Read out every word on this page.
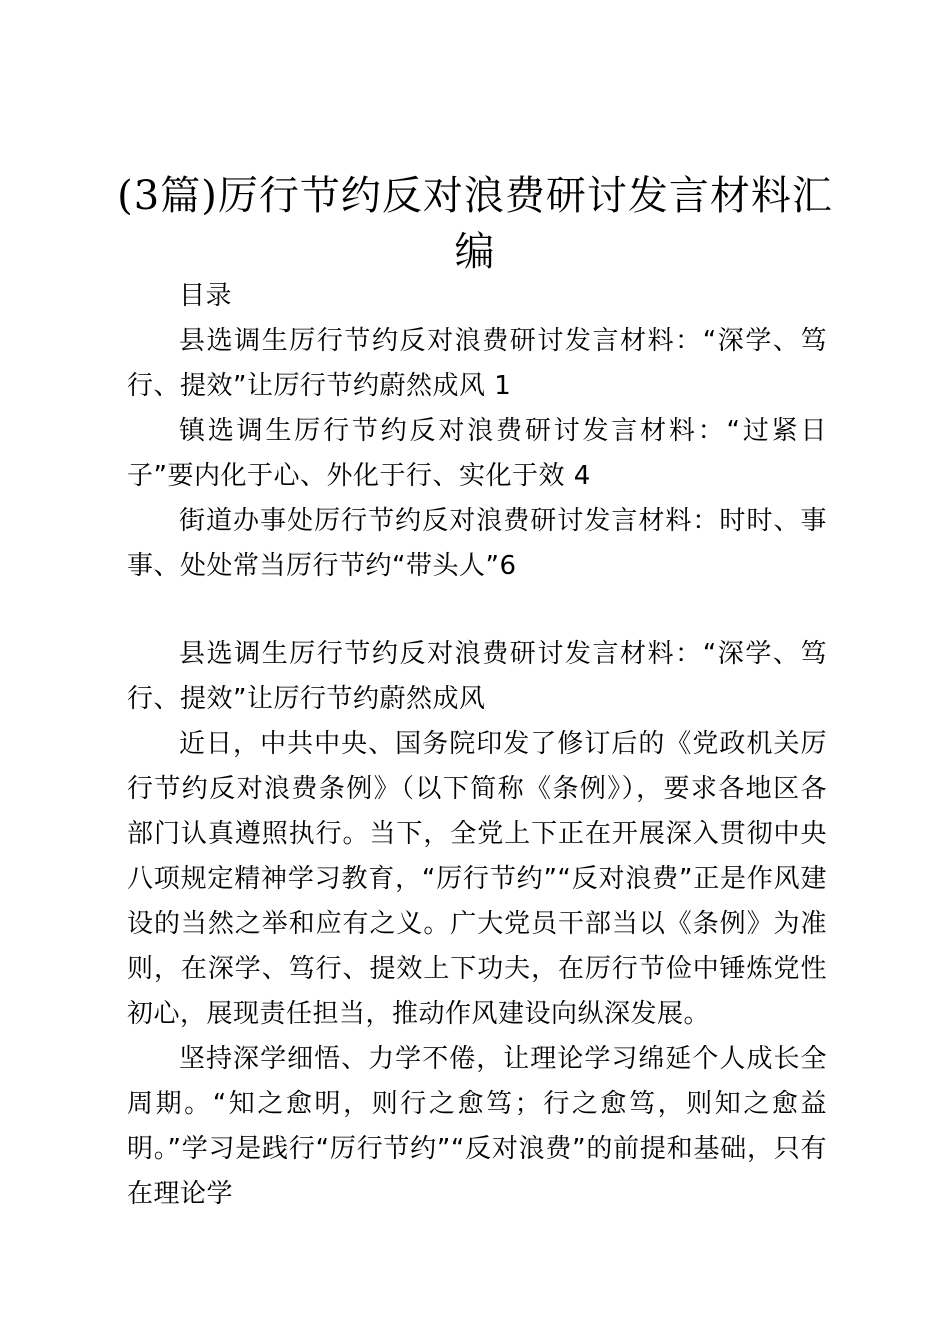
(3篇)厉行节约反对浪费研讨发言材料汇编

目录

县选调生厉行节约反对浪费研讨发言材料：“深学、笃行、提效”让厉行节约蔚然成风 1

镇选调生厉行节约反对浪费研讨发言材料：“过紧日子”要内化于心、外化于行、实化于效 4

街道办事处厉行节约反对浪费研讨发言材料：时时、事事、处处常当厉行节约“带头人”6

县选调生厉行节约反对浪费研讨发言材料：“深学、笃行、提效”让厉行节约蔚然成风

近日，中共中央、国务院印发了修订后的《党政机关厉行节约反对浪费条例》（以下简称《条例》），要求各地区各部门认真遵照执行。当下，全党上下正在开展深入贯彻中央八项规定精神学习教育，“厉行节约”“反对浪费”正是作风建设的当然之举和应有之义。广大党员干部当以《条例》为准则，在深学、笃行、提效上下功夫，在厉行节俭中锤炼党性初心，展现责任担当，推动作风建设向纵深发展。

坚持深学细悟、力学不倦，让理论学习绵延个人成长全周期。“知之愈明，则行之愈笃；行之愈笃，则知之愈益明。”学习是践行“厉行节约”“反对浪费”的前提和基础，只有在理论学
